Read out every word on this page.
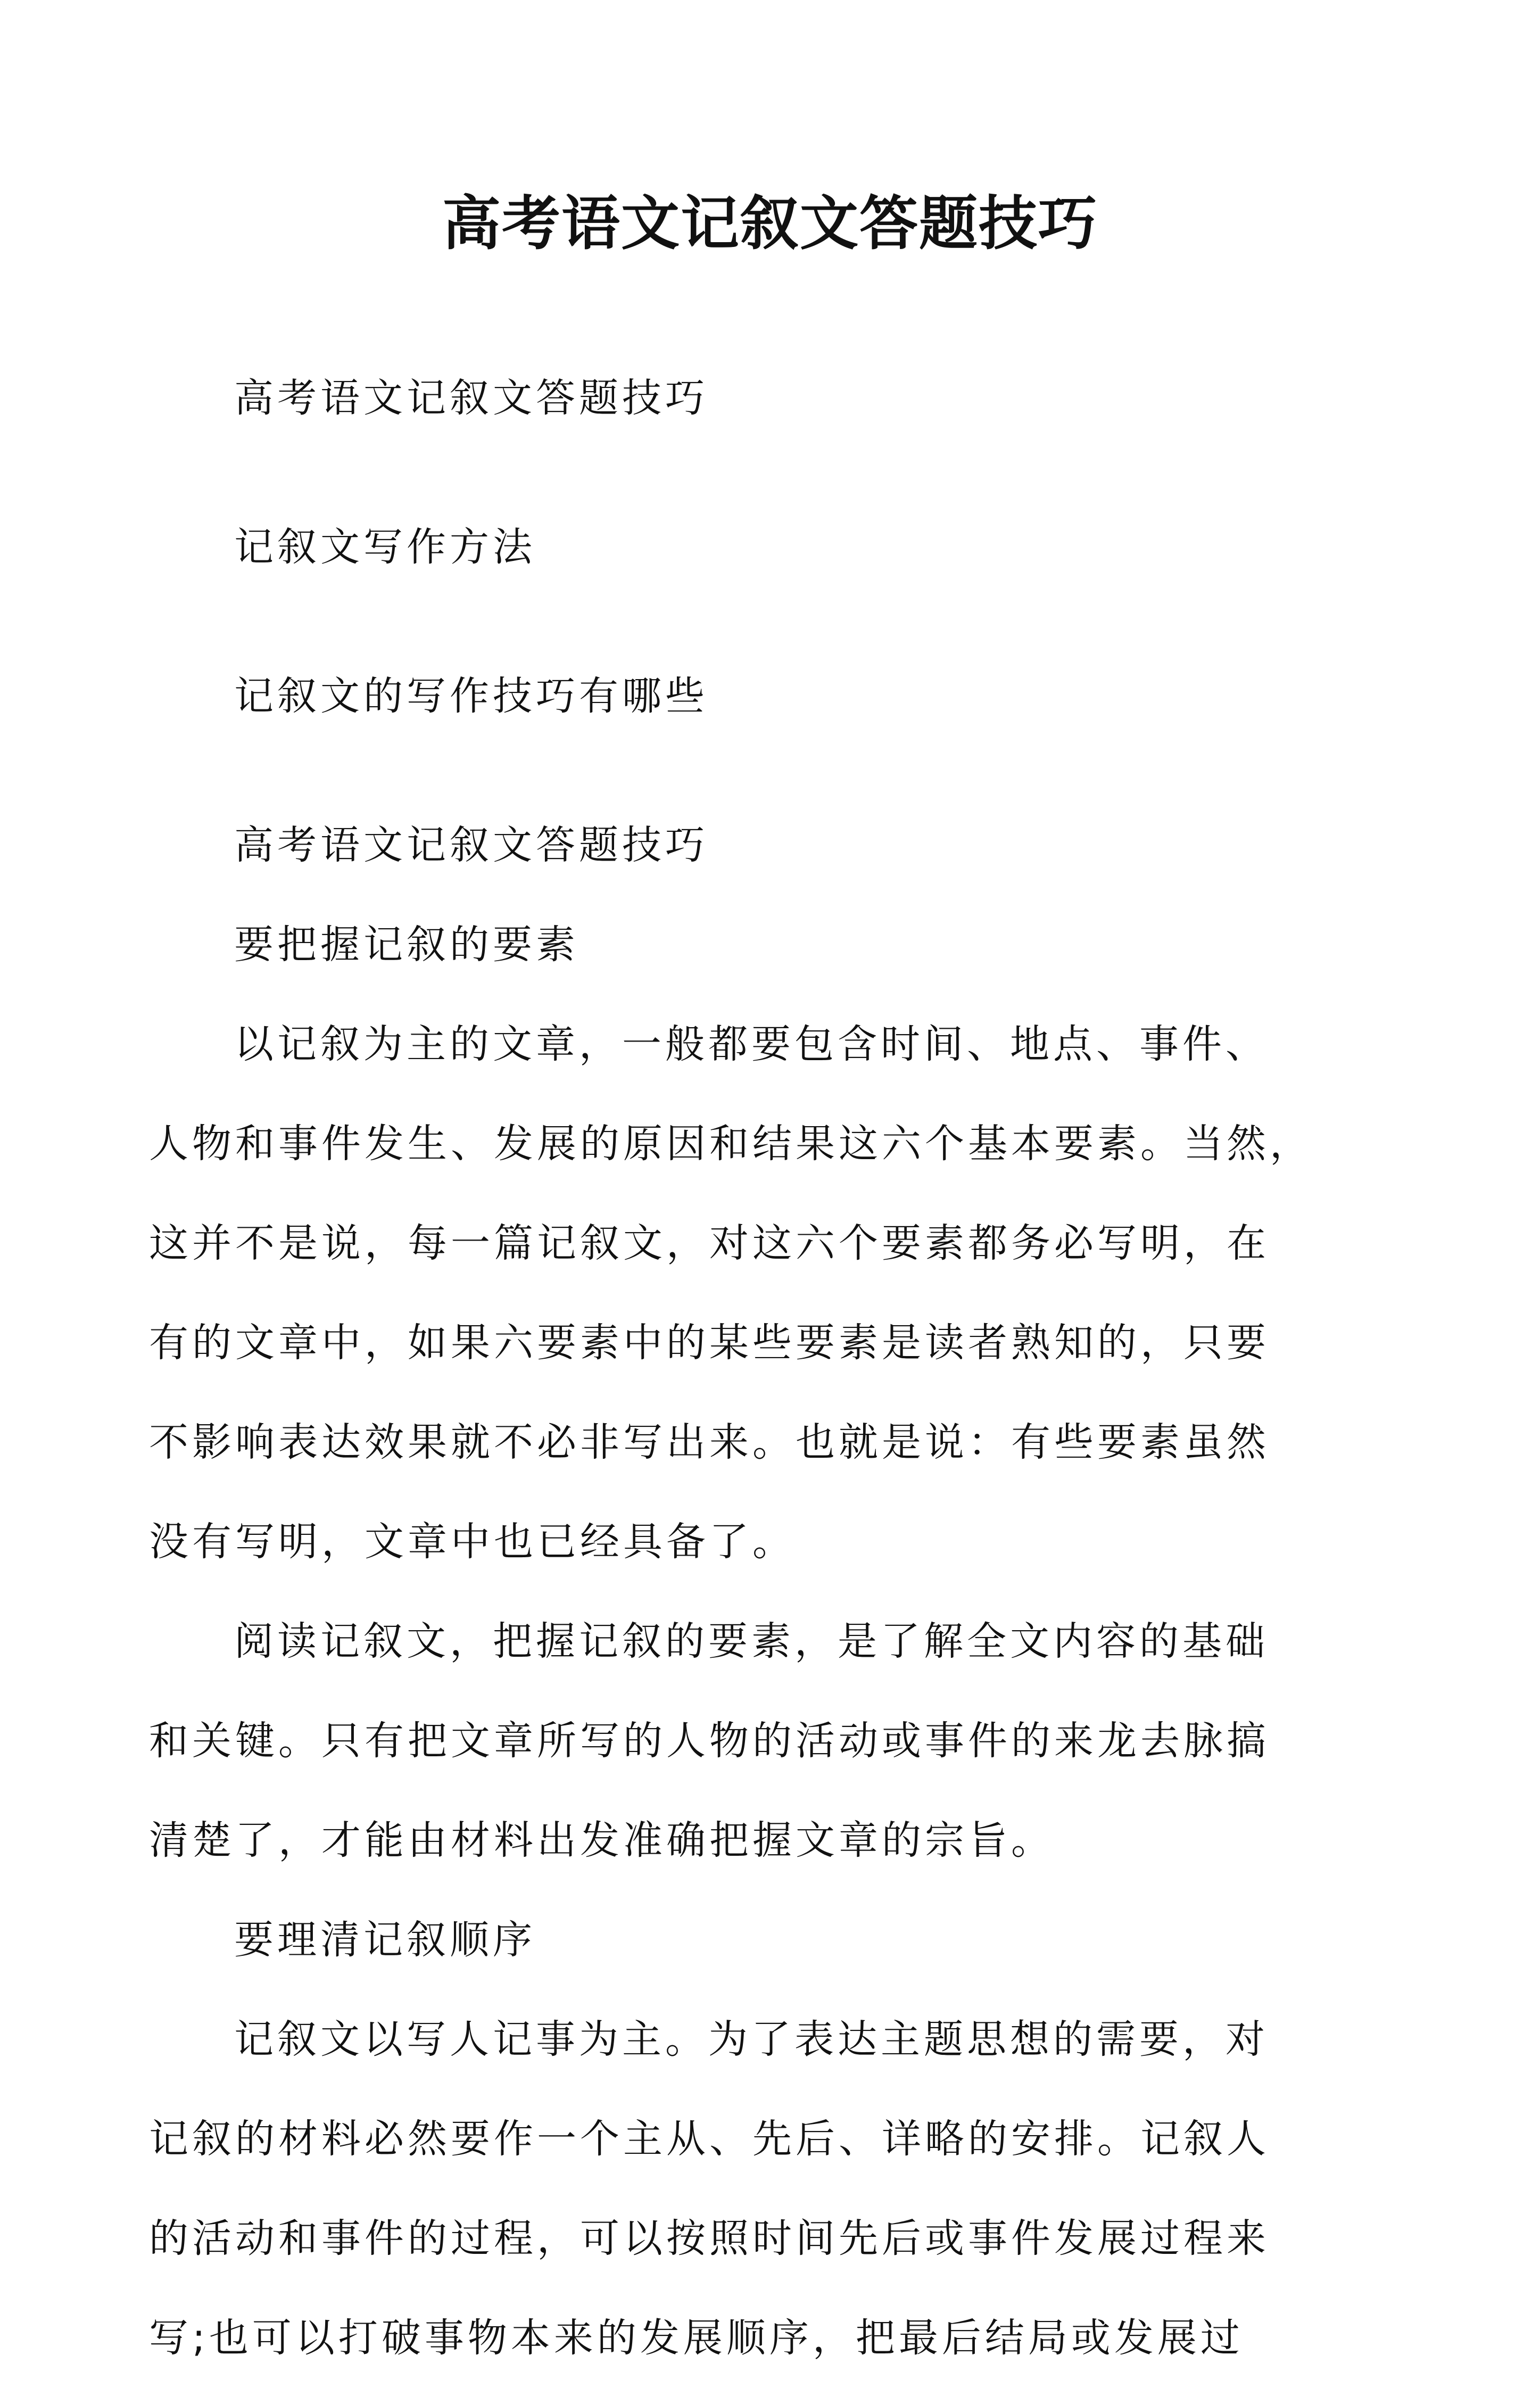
高考语文记叙文答题技巧

高考语文记叙文答题技巧

记叙文写作方法

记叙文的写作技巧有哪些

高考语文记叙文答题技巧

要把握记叙的要素

以记叙为主的文章，一般都要包含时间、地点、事件、

人物和事件发生、发展的原因和结果这六个基本要素。当然，

这并不是说，每一篇记叙文，对这六个要素都务必写明，在

有的文章中，如果六要素中的某些要素是读者熟知的，只要

不影响表达效果就不必非写出来。也就是说：有些要素虽然

没有写明，文章中也已经具备了。

阅读记叙文，把握记叙的要素，是了解全文内容的基础

和关键。只有把文章所写的人物的活动或事件的来龙去脉搞

清楚了，才能由材料出发准确把握文章的宗旨。

要理清记叙顺序

记叙文以写人记事为主。为了表达主题思想的需要，对

记叙的材料必然要作一个主从、先后、详略的安排。记叙人

的活动和事件的过程，可以按照时间先后或事件发展过程来

写;也可以打破事物本来的发展顺序，把最后结局或发展过
